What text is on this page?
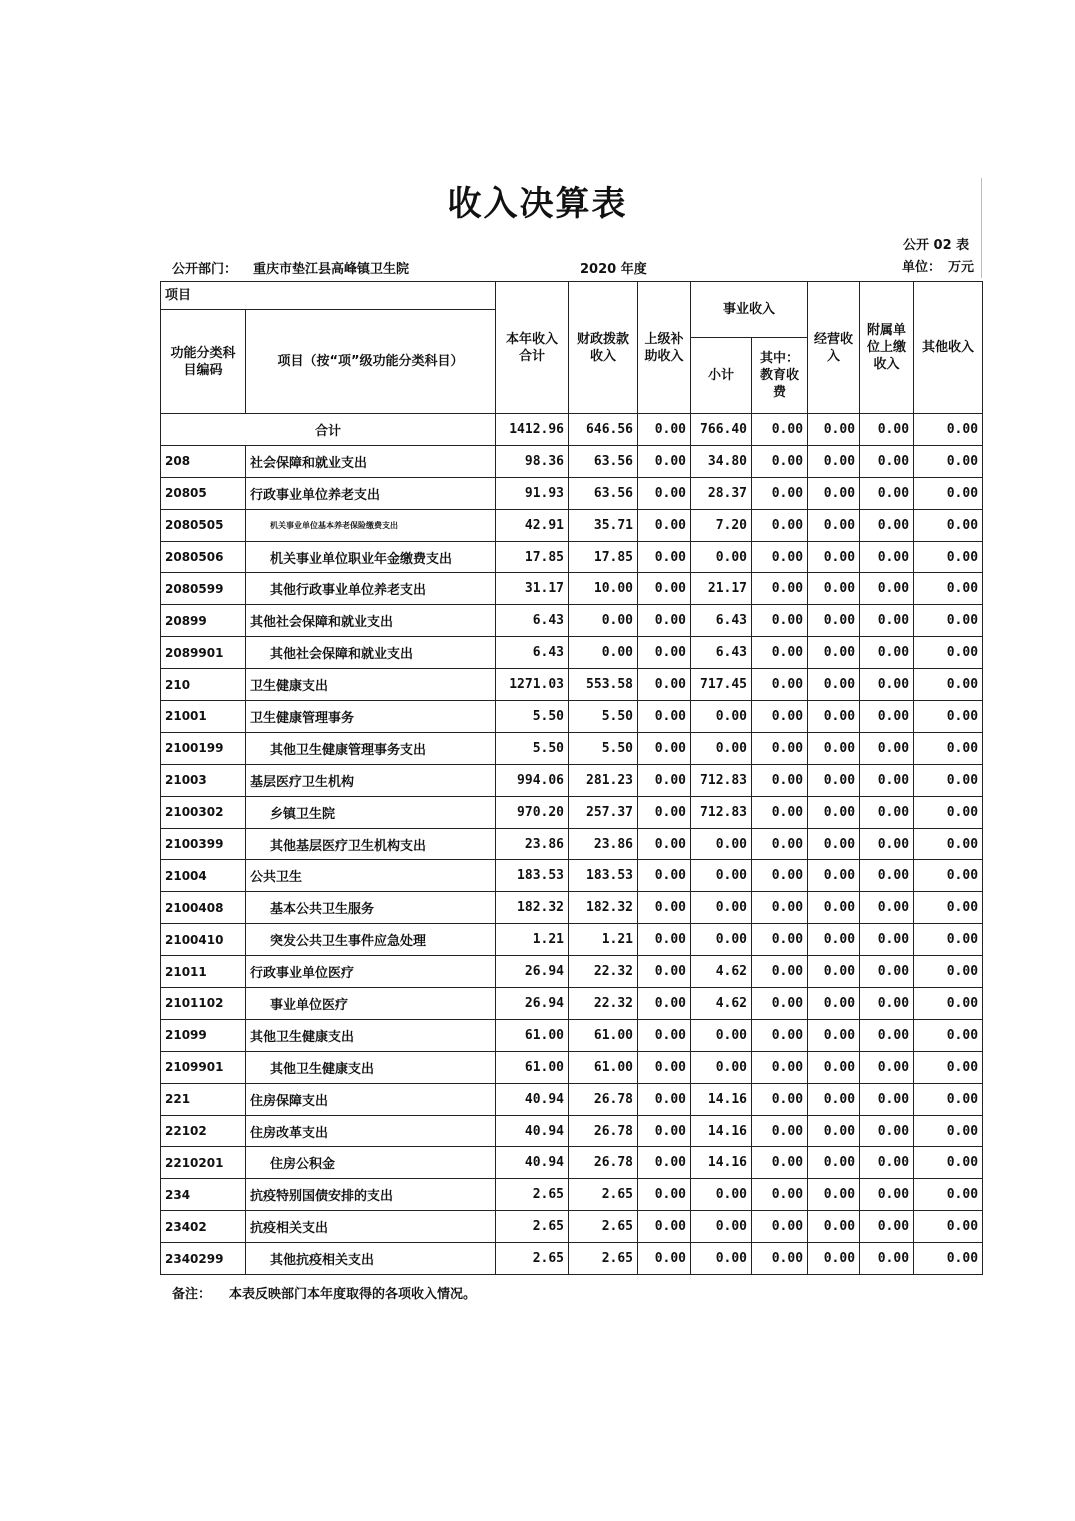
收入决算表
公开 02 表
公开部门： 重庆市垫江县高峰镇卫生院	2020 年度	单位： 万元
项目		本年收入合计	财政拨款收入	上级补助收入	事业收入		经营收入	附属单位上缴收入	其他收入
功能分类科目编码	项目（按“项”级功能分类科目）								
					小计	其中：教育收费			
合计		1412.96	646.56	0.00	766.40	0.00	0.00	0.00	0.00
208	社会保障和就业支出	98.36	63.56	0.00	34.80	0.00	0.00	0.00	0.00
20805	行政事业单位养老支出	91.93	63.56	0.00	28.37	0.00	0.00	0.00	0.00
2080505	机关事业单位基本养老保险缴费支出	42.91	35.71	0.00	7.20	0.00	0.00	0.00	0.00
2080506	机关事业单位职业年金缴费支出	17.85	17.85	0.00	0.00	0.00	0.00	0.00	0.00
2080599	其他行政事业单位养老支出	31.17	10.00	0.00	21.17	0.00	0.00	0.00	0.00
20899	其他社会保障和就业支出	6.43	0.00	0.00	6.43	0.00	0.00	0.00	0.00
2089901	其他社会保障和就业支出	6.43	0.00	0.00	6.43	0.00	0.00	0.00	0.00
210	卫生健康支出	1271.03	553.58	0.00	717.45	0.00	0.00	0.00	0.00
21001	卫生健康管理事务	5.50	5.50	0.00	0.00	0.00	0.00	0.00	0.00
2100199	其他卫生健康管理事务支出	5.50	5.50	0.00	0.00	0.00	0.00	0.00	0.00
21003	基层医疗卫生机构	994.06	281.23	0.00	712.83	0.00	0.00	0.00	0.00
2100302	乡镇卫生院	970.20	257.37	0.00	712.83	0.00	0.00	0.00	0.00
2100399	其他基层医疗卫生机构支出	23.86	23.86	0.00	0.00	0.00	0.00	0.00	0.00
21004	公共卫生	183.53	183.53	0.00	0.00	0.00	0.00	0.00	0.00
2100408	基本公共卫生服务	182.32	182.32	0.00	0.00	0.00	0.00	0.00	0.00
2100410	突发公共卫生事件应急处理	1.21	1.21	0.00	0.00	0.00	0.00	0.00	0.00
21011	行政事业单位医疗	26.94	22.32	0.00	4.62	0.00	0.00	0.00	0.00
2101102	事业单位医疗	26.94	22.32	0.00	4.62	0.00	0.00	0.00	0.00
21099	其他卫生健康支出	61.00	61.00	0.00	0.00	0.00	0.00	0.00	0.00
2109901	其他卫生健康支出	61.00	61.00	0.00	0.00	0.00	0.00	0.00	0.00
221	住房保障支出	40.94	26.78	0.00	14.16	0.00	0.00	0.00	0.00
22102	住房改革支出	40.94	26.78	0.00	14.16	0.00	0.00	0.00	0.00
2210201	住房公积金	40.94	26.78	0.00	14.16	0.00	0.00	0.00	0.00
234	抗疫特别国债安排的支出	2.65	2.65	0.00	0.00	0.00	0.00	0.00	0.00
23402	抗疫相关支出	2.65	2.65	0.00	0.00	0.00	0.00	0.00	0.00
2340299	其他抗疫相关支出	2.65	2.65	0.00	0.00	0.00	0.00	0.00	0.00
备注： 本表反映部门本年度取得的各项收入情况。
